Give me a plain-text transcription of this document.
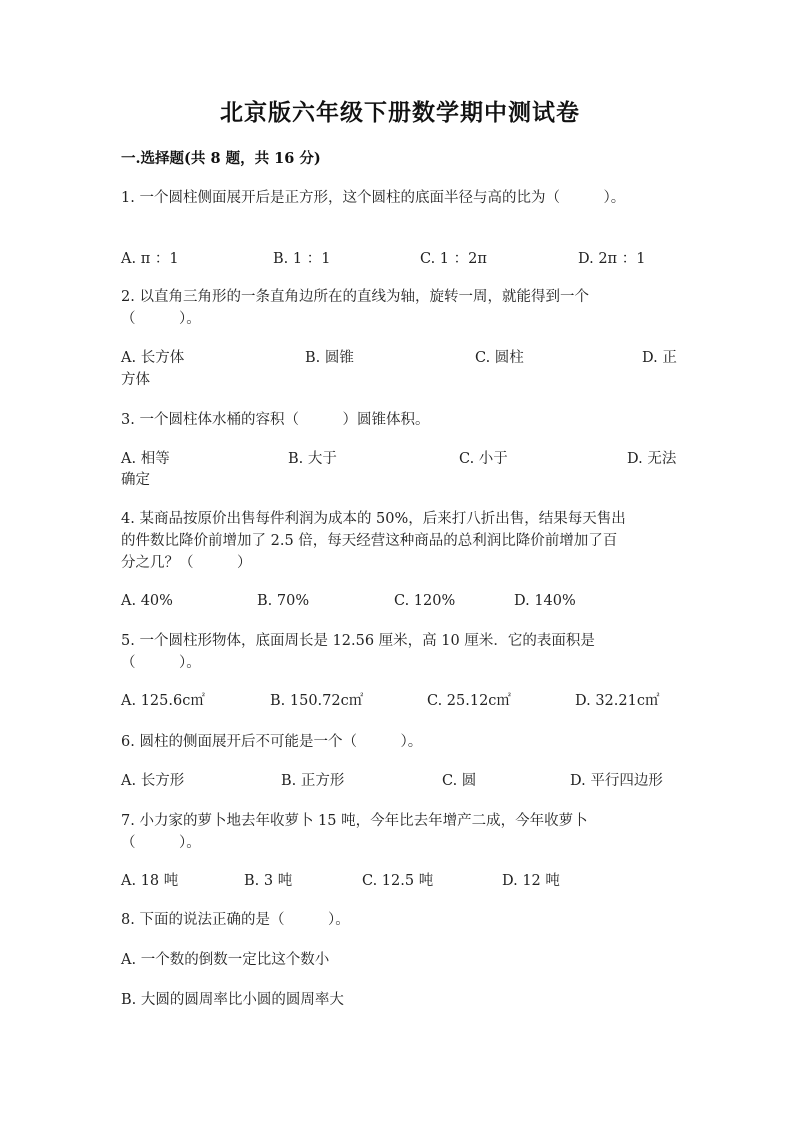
北京版六年级下册数学期中测试卷
一.选择题(共 8 题，共 16 分)
1. 一个圆柱侧面展开后是正方形，这个圆柱的底面半径与高的比为（　　　）。
A. π ：1	B. 1 ：1	C. 1 ：2π	D. 2π ：1
2. 以直角三角形的一条直角边所在的直线为轴，旋转一周，就能得到一个
（　　　）。
A. 长方体	B. 圆锥	C. 圆柱	D. 正
方体
3. 一个圆柱体水桶的容积（　　　）圆锥体积。
A. 相等	B. 大于	C. 小于	D. 无法
确定
4. 某商品按原价出售每件利润为成本的 50%，后来打八折出售，结果每天售出
的件数比降价前增加了 2.5 倍，每天经营这种商品的总利润比降价前增加了百
分之几？（　　　）
A. 40%	B. 70%	C. 120%	D. 140%
5. 一个圆柱形物体，底面周长是 12.56 厘米，高 10 厘米．它的表面积是
（　　　）。
A. 125.6c㎡	B. 150.72c㎡	C. 25.12c㎡	D. 32.21c㎡
6. 圆柱的侧面展开后不可能是一个（　　　）。
A. 长方形	B. 正方形	C. 圆	D. 平行四边形
7. 小力家的萝卜地去年收萝卜 15 吨，今年比去年增产二成，今年收萝卜
（　　　）。
A. 18 吨	B. 3 吨	C. 12.5 吨	D. 12 吨
8. 下面的说法正确的是（　　　）。
A. 一个数的倒数一定比这个数小
B. 大圆的圆周率比小圆的圆周率大
